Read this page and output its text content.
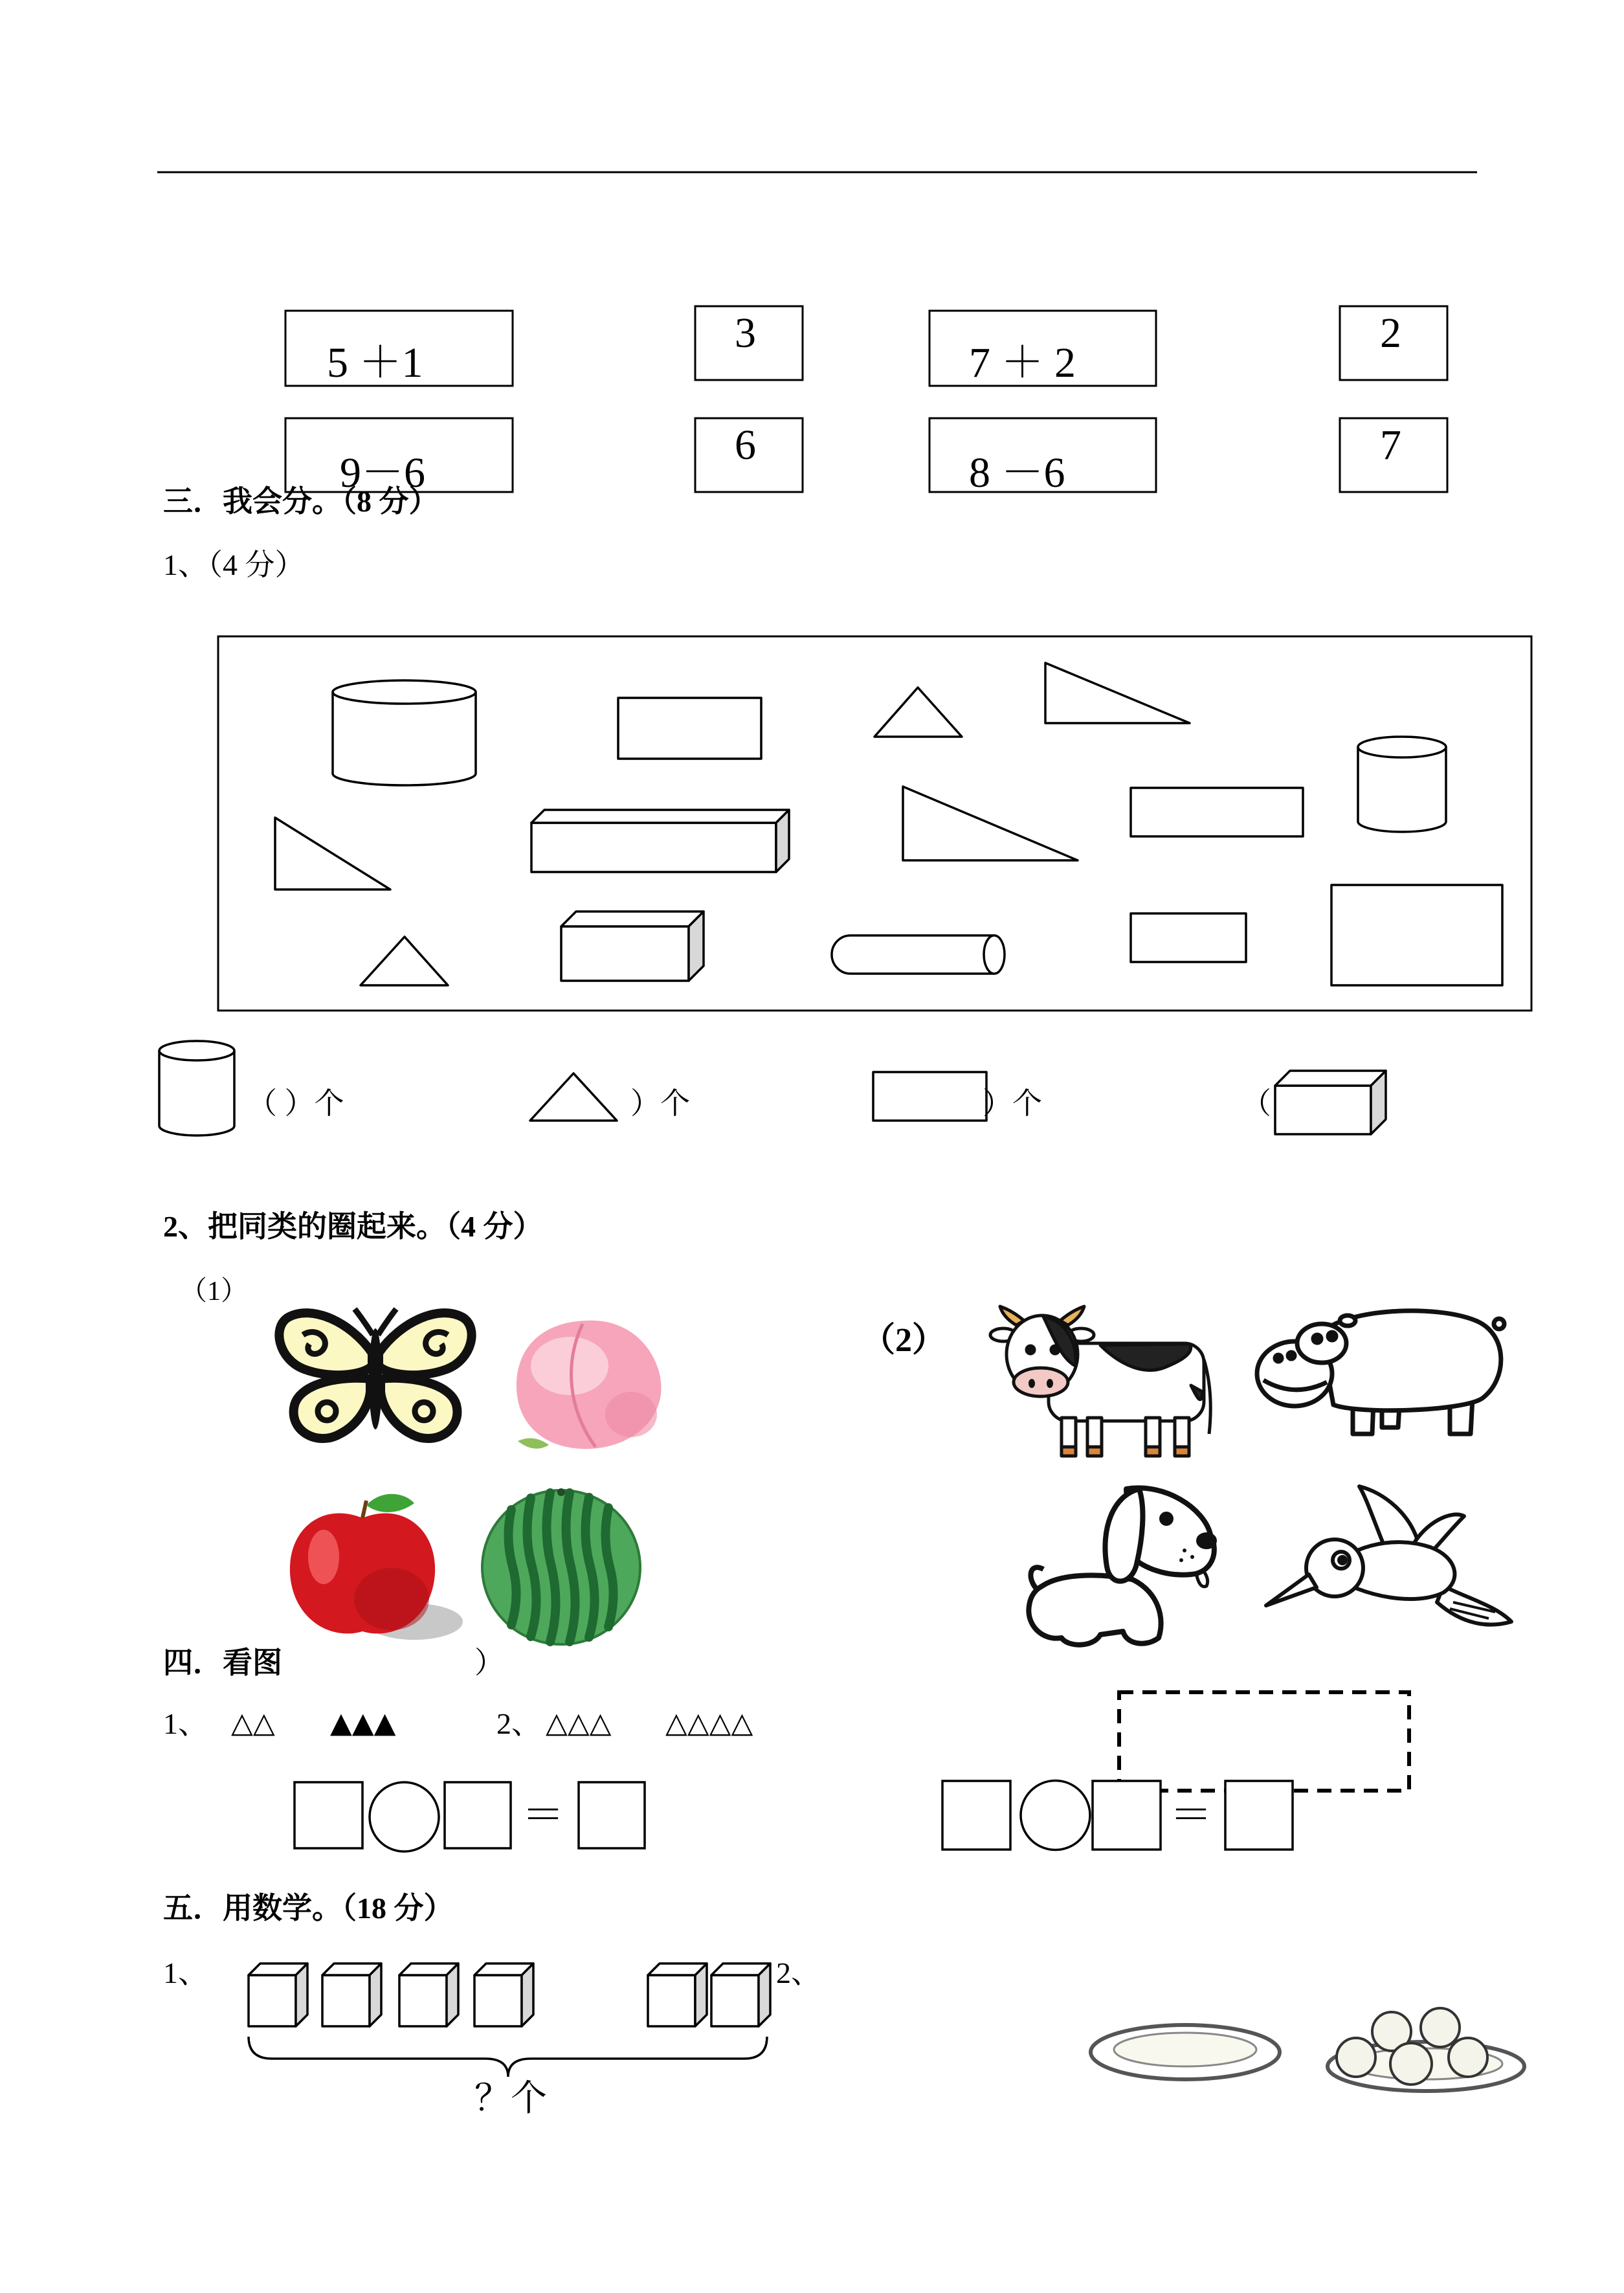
5 ＋1
3
7 ＋ 2
2
9－6
6
8 －6
7
三．我会分。（8 分）
1、（4 分）
（ ）个	）个	）个	（
2、把同类的圈起来。（4 分）
（1）
（2）
四．看图	）
1、 △△ ▲▲▲	2、 △△△ △△△△
＝	＝
五．用数学。（18 分）
1、	2、
？个
